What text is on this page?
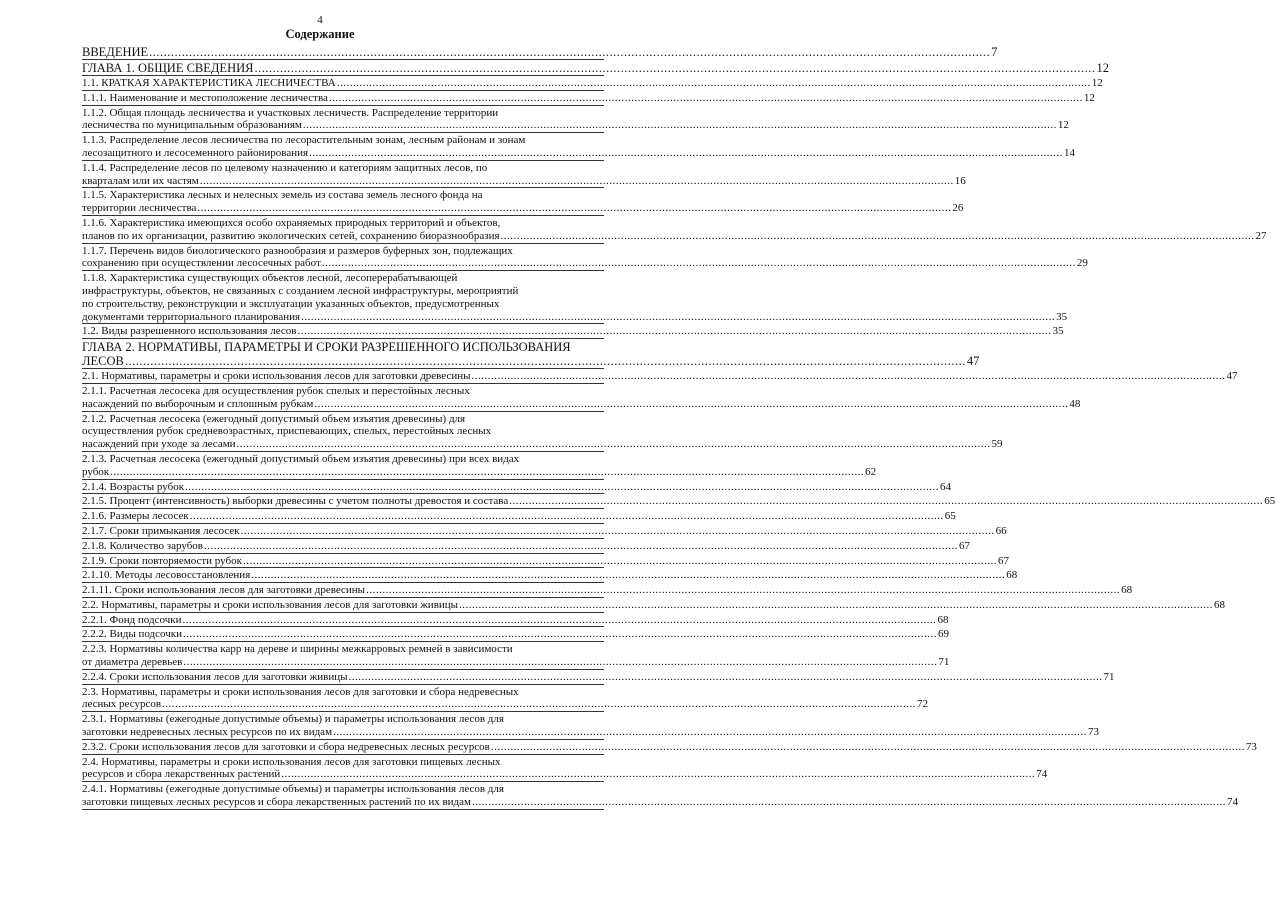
4
Содержание
ВВЕДЕНИЕ .....	7
ГЛАВА 1. ОБЩИЕ СВЕДЕНИЯ .....	12
1.1. КРАТКАЯ ХАРАКТЕРИСТИКА ЛЕСНИЧЕСТВА .....	12
1.1.1. Наименование и местоположение лесничества .....	12
1.1.2. Общая площадь лесничества и участковых лесничеств. Распределение территории
лесничества по муниципальным образованиям .....	12
1.1.3. Распределение лесов лесничества по лесорастительным зонам, лесным районам и зонам
лесозащитного и лесосеменного районирования .....	14
1.1.4. Распределение лесов по целевому назначению и категориям защитных лесов, по
кварталам или их частям .....	16
1.1.5. Характеристика лесных и нелесных земель из состава земель лесного фонда на
территории лесничества .....	26
1.1.6. Характеристика имеющихся особо охраняемых природных территорий и объектов,
планов по их организации, развитию экологических сетей, сохранению биоразнообразия .....	27
1.1.7. Перечень видов биологического разнообразия и размеров буферных зон, подлежащих
сохранению при осуществлении лесосечных работ .....	29
1.1.8. Характеристика существующих объектов лесной, лесоперерабатывающей
инфраструктуры, объектов, не связанных с созданием лесной инфраструктуры, мероприятий
по строительству, реконструкции и эксплуатации указанных объектов, предусмотренных
документами территориального планирования .....	35
1.2. Виды разрешенного использования лесов .....	35
ГЛАВА 2. НОРМАТИВЫ, ПАРАМЕТРЫ И СРОКИ РАЗРЕШЕННОГО ИСПОЛЬЗОВАНИЯ
ЛЕСОВ .....	47
2.1. Нормативы, параметры и сроки использования лесов для заготовки древесины .....	47
2.1.1. Расчетная лесосека для осуществления рубок спелых и перестойных лесных
насаждений по выборочным и сплошным рубкам .....	48
2.1.2. Расчетная лесосека (ежегодный допустимый объем изъятия древесины) для
осуществления рубок средневозрастных, приспевающих, спелых, перестойных лесных
насаждений при уходе за лесами .....	59
2.1.3. Расчетная лесосека (ежегодный допустимый объем изъятия древесины) при всех видах
рубок .....	62
2.1.4. Возрасты рубок .....	64
2.1.5. Процент (интенсивность) выборки древесины с учетом полноты древостоя и состава .....	65
2.1.6. Размеры лесосек .....	65
2.1.7. Сроки примыкания лесосек .....	66
2.1.8. Количество зарубов .....	67
2.1.9. Сроки повторяемости рубок .....	67
2.1.10. Методы лесовосстановления .....	68
2.1.11. Сроки использования лесов для заготовки древесины .....	68
2.2. Нормативы, параметры и сроки использования лесов для заготовки живицы .....	68
2.2.1. Фонд подсочки .....	68
2.2.2. Виды подсочки .....	69
2.2.3. Нормативы количества карр на дереве и ширины межкарровых ремней в зависимости
от диаметра деревьев .....	71
2.2.4. Сроки использования лесов для заготовки живицы .....	71
2.3. Нормативы, параметры и сроки использования лесов для заготовки и сбора недревесных
лесных ресурсов .....	72
2.3.1. Нормативы (ежегодные допустимые объемы) и параметры использования лесов для
заготовки недревесных лесных ресурсов по их видам .....	73
2.3.2. Сроки использования лесов для заготовки и сбора недревесных лесных ресурсов .....	73
2.4. Нормативы, параметры и сроки использования лесов для заготовки пищевых лесных
ресурсов и сбора лекарственных растений .....	74
2.4.1. Нормативы (ежегодные допустимые объемы) и параметры использования лесов для
заготовки пищевых лесных ресурсов и сбора лекарственных растений по их видам .....	74
